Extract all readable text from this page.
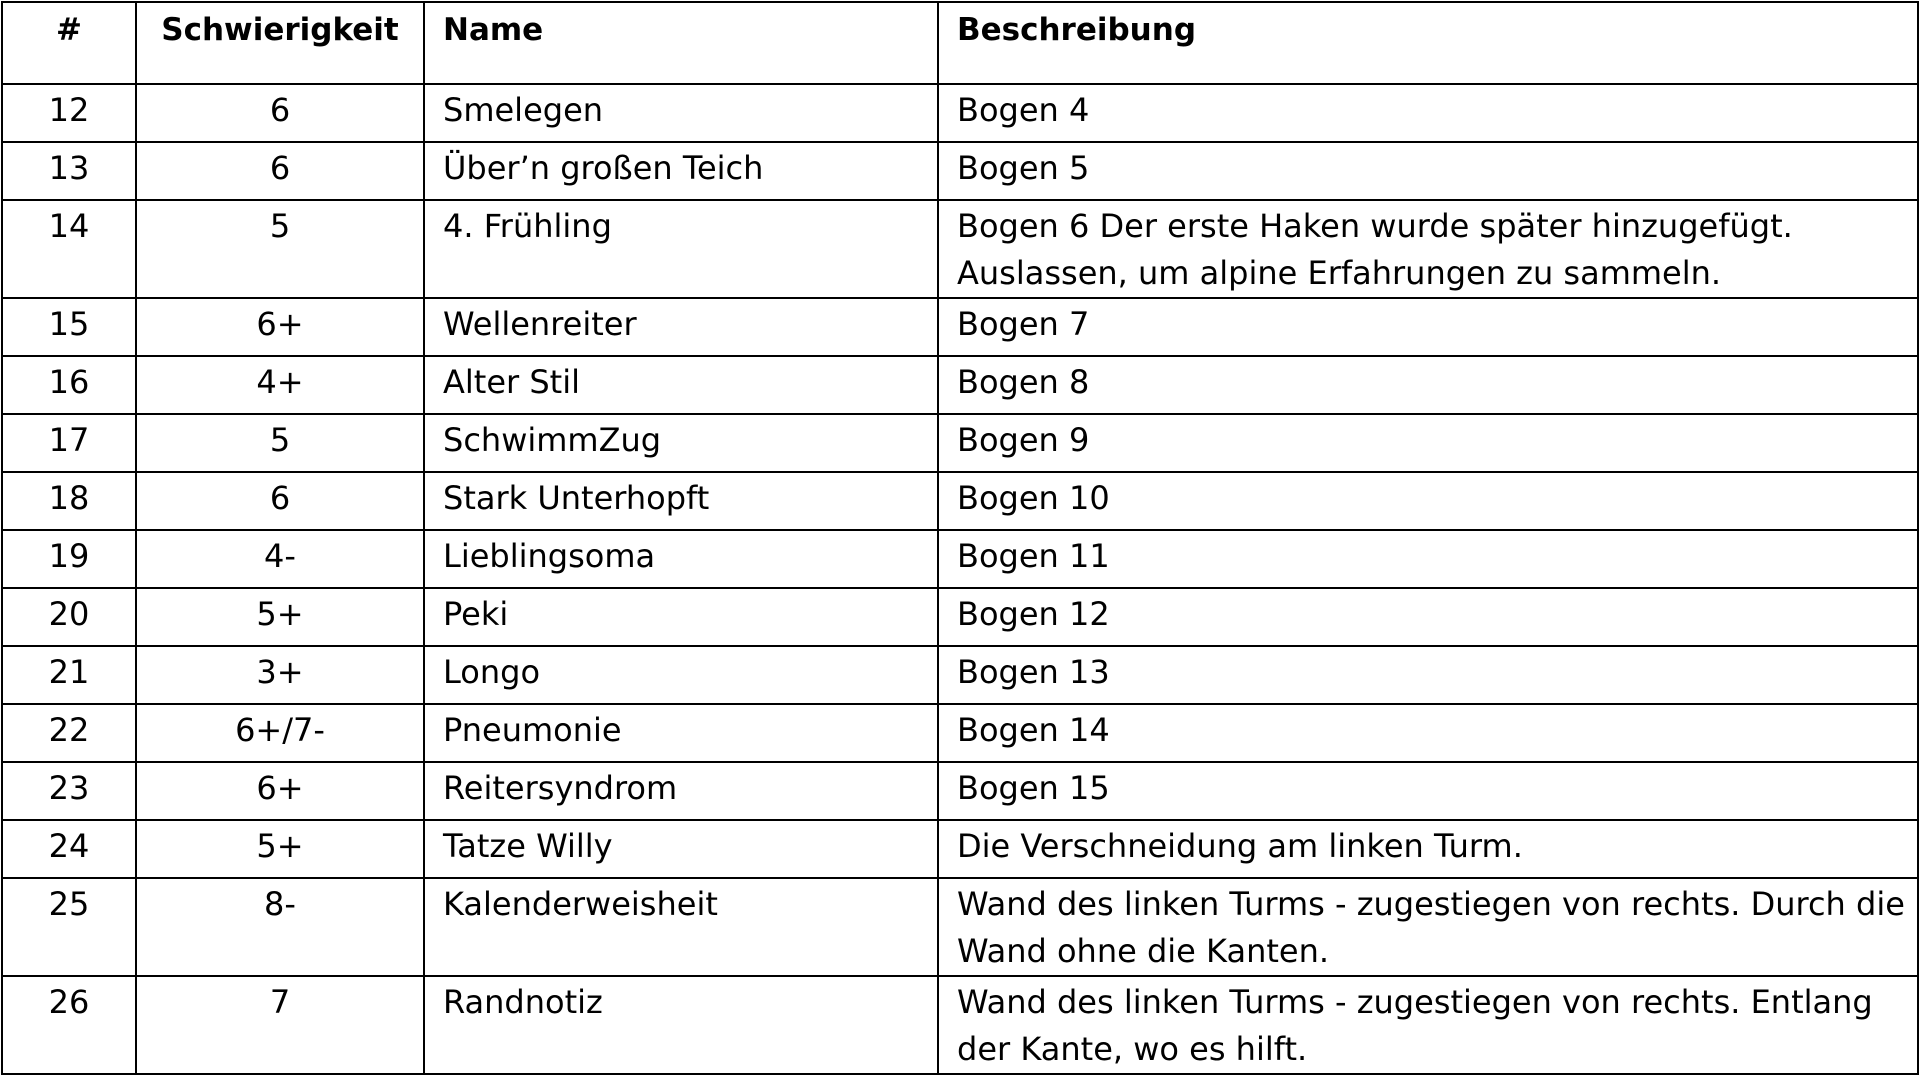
#	Schwierigkeit	Name	Beschreibung
12	6	Smelegen	Bogen 4
13	6	Über’n großen Teich	Bogen 5
14	5	4. Frühling	Bogen 6 Der erste Haken wurde später hinzugefügt. Auslassen, um alpine Erfahrungen zu sammeln.
15	6+	Wellenreiter	Bogen 7
16	4+	Alter Stil	Bogen 8
17	5	SchwimmZug	Bogen 9
18	6	Stark Unterhopft	Bogen 10
19	4-	Lieblingsoma	Bogen 11
20	5+	Peki	Bogen 12
21	3+	Longo	Bogen 13
22	6+/7-	Pneumonie	Bogen 14
23	6+	Reitersyndrom	Bogen 15
24	5+	Tatze Willy	Die Verschneidung am linken Turm.
25	8-	Kalenderweisheit	Wand des linken Turms - zugestiegen von rechts. Durch die Wand ohne die Kanten.
26	7	Randnotiz	Wand des linken Turms - zugestiegen von rechts. Entlang der Kante, wo es hilft.
